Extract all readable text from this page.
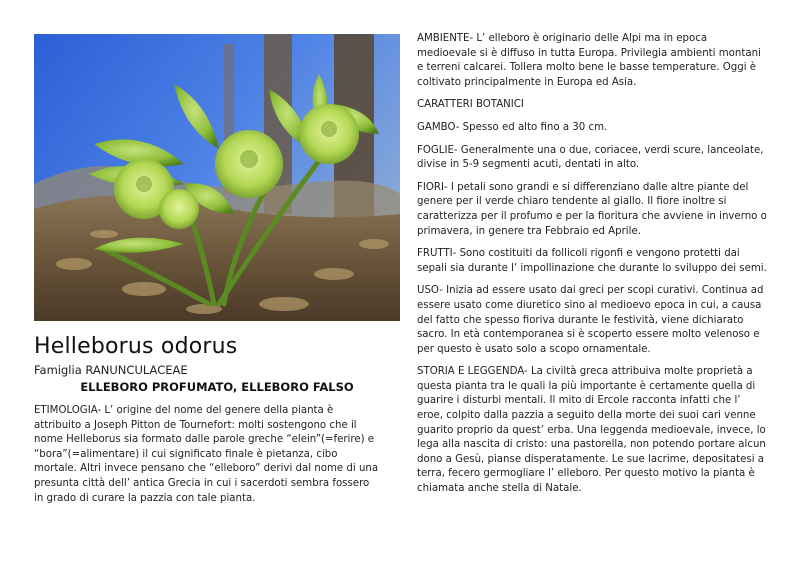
Helleborus odorus
Famiglia RANUNCULACEAE
ELLEBORO PROFUMATO, ELLEBORO FALSO
ETIMOLOGIA- L’ origine del nome del genere della pianta è attribuito a Joseph Pitton de Tournefort: molti sostengono che il nome Helleborus sia formato dalle parole greche “elein”(=ferire) e “bora”(=alimentare) il cui significato finale è pietanza, cibo mortale. Altri invece pensano che “elleboro” derivi dal nome di una presunta città dell’ antica Grecia in cui i sacerdoti sembra fossero in grado di curare la pazzia con tale pianta.

AMBIENTE- L’ elleboro è originario delle Alpi ma in epoca medioevale si è diffuso in tutta Europa. Privilegia ambienti montani e terreni calcarei. Tollera molto bene le basse temperature. Oggi è coltivato principalmente in Europa ed Asia.

CARATTERI BOTANICI

GAMBO- Spesso ed alto fino a 30 cm.

FOGLIE- Generalmente una o due, coriacee, verdi scure, lanceolate, divise in 5-9 segmenti acuti, dentati in alto.

FIORI- I petali sono grandi e si differenziano dalle altre piante del genere per il verde chiaro tendente al giallo. Il fiore inoltre si caratterizza per il profumo e per la fioritura che avviene in inverno o primavera, in genere tra Febbraio ed Aprile.

FRUTTI- Sono costituiti da follicoli rigonfi e vengono protetti dai sepali sia durante l’ impollinazione che durante lo sviluppo dei semi.

USO- Inizia ad essere usato dai greci per scopi curativi. Continua ad essere usato come diuretico sino al medioevo epoca in cui, a causa del fatto che spesso fioriva durante le festività, viene dichiarato sacro. In età contemporanea si è scoperto essere molto velenoso e per questo è usato solo a scopo ornamentale.

STORIA E LEGGENDA- La civiltà greca attribuiva molte proprietà a questa pianta tra le quali la più importante è certamente quella di guarire i disturbi mentali. Il mito di Ercole racconta infatti che l’ eroe, colpito dalla pazzia a seguito della morte dei suoi cari venne guarito proprio da quest’ erba. Una leggenda medioevale, invece, lo lega alla nascita di cristo: una pastorella, non potendo portare alcun dono a Gesù, pianse disperatamente. Le sue lacrime, depositatesi a terra, fecero germogliare l’ elleboro. Per questo motivo la pianta è chiamata anche stella di Natale.
